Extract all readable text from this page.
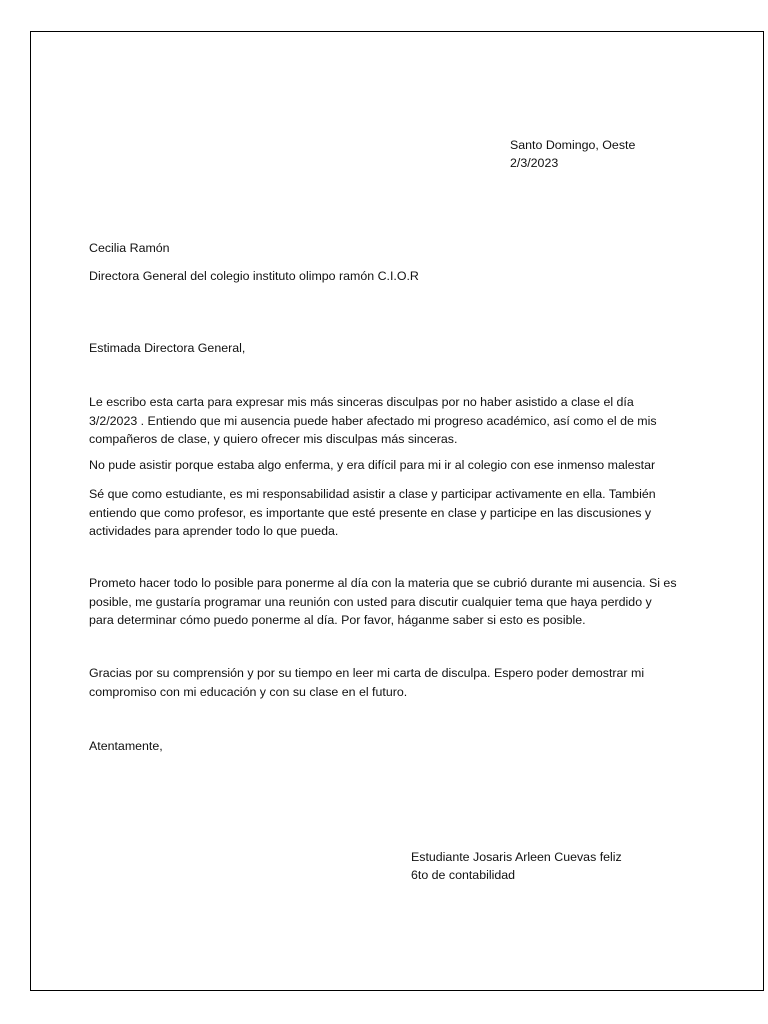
Santo Domingo, Oeste
2/3/2023
Cecilia Ramón
Directora General del colegio instituto olimpo ramón C.I.O.R
Estimada Directora General,
Le escribo esta carta para expresar mis más sinceras disculpas por no haber asistido a clase el día 3/2/2023 . Entiendo que mi ausencia puede haber afectado mi progreso académico, así como el de mis compañeros de clase, y quiero ofrecer mis disculpas más sinceras.
No pude asistir porque estaba algo enferma, y era difícil para mi ir al colegio con ese inmenso malestar
Sé que como estudiante, es mi responsabilidad asistir a clase y participar activamente en ella. También entiendo que como profesor, es importante que esté presente en clase y participe en las discusiones y actividades para aprender todo lo que pueda.
Prometo hacer todo lo posible para ponerme al día con la materia que se cubrió durante mi ausencia. Si es posible, me gustaría programar una reunión con usted para discutir cualquier tema que haya perdido y para determinar cómo puedo ponerme al día. Por favor, háganme saber si esto es posible.
Gracias por su comprensión y por su tiempo en leer mi carta de disculpa. Espero poder demostrar mi compromiso con mi educación y con su clase en el futuro.
Atentamente,
Estudiante Josaris Arleen Cuevas feliz
6to de contabilidad
